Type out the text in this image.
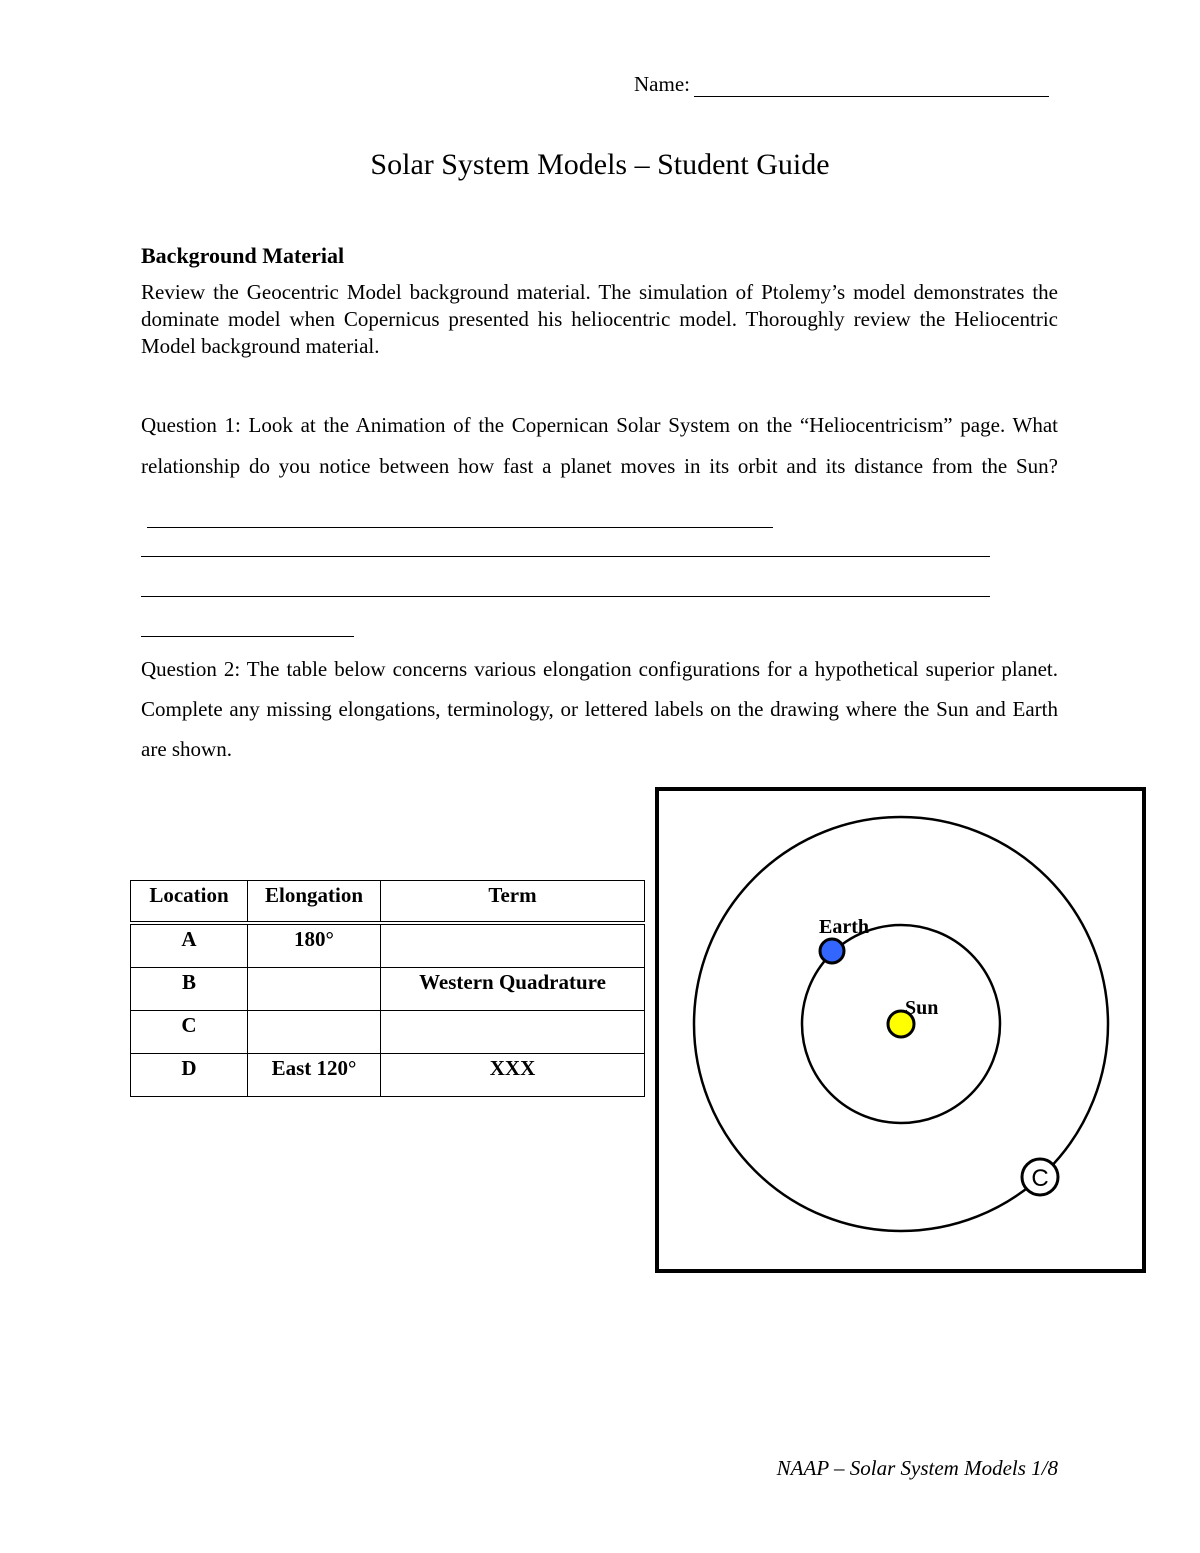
Name:
Solar System Models – Student Guide
Background Material
Review the Geocentric Model background material. The simulation of Ptolemy’s model demonstrates the dominate model when Copernicus presented his heliocentric model. Thoroughly review the Heliocentric Model background material.
Question 1: Look at the Animation of the Copernican Solar System on the “Heliocentricism” page. What relationship do you notice between how fast a planet moves in its orbit and its distance from the Sun?
Question 2: The table below concerns various elongation configurations for a hypothetical superior planet. Complete any missing elongations, terminology, or lettered labels on the drawing where the Sun and Earth are shown.
Location	Elongation	Term
A	180°	
B		Western Quadrature
C		
D	East 120°	XXX
Sun
Earth
C
NAAP – Solar System Models 1/8
